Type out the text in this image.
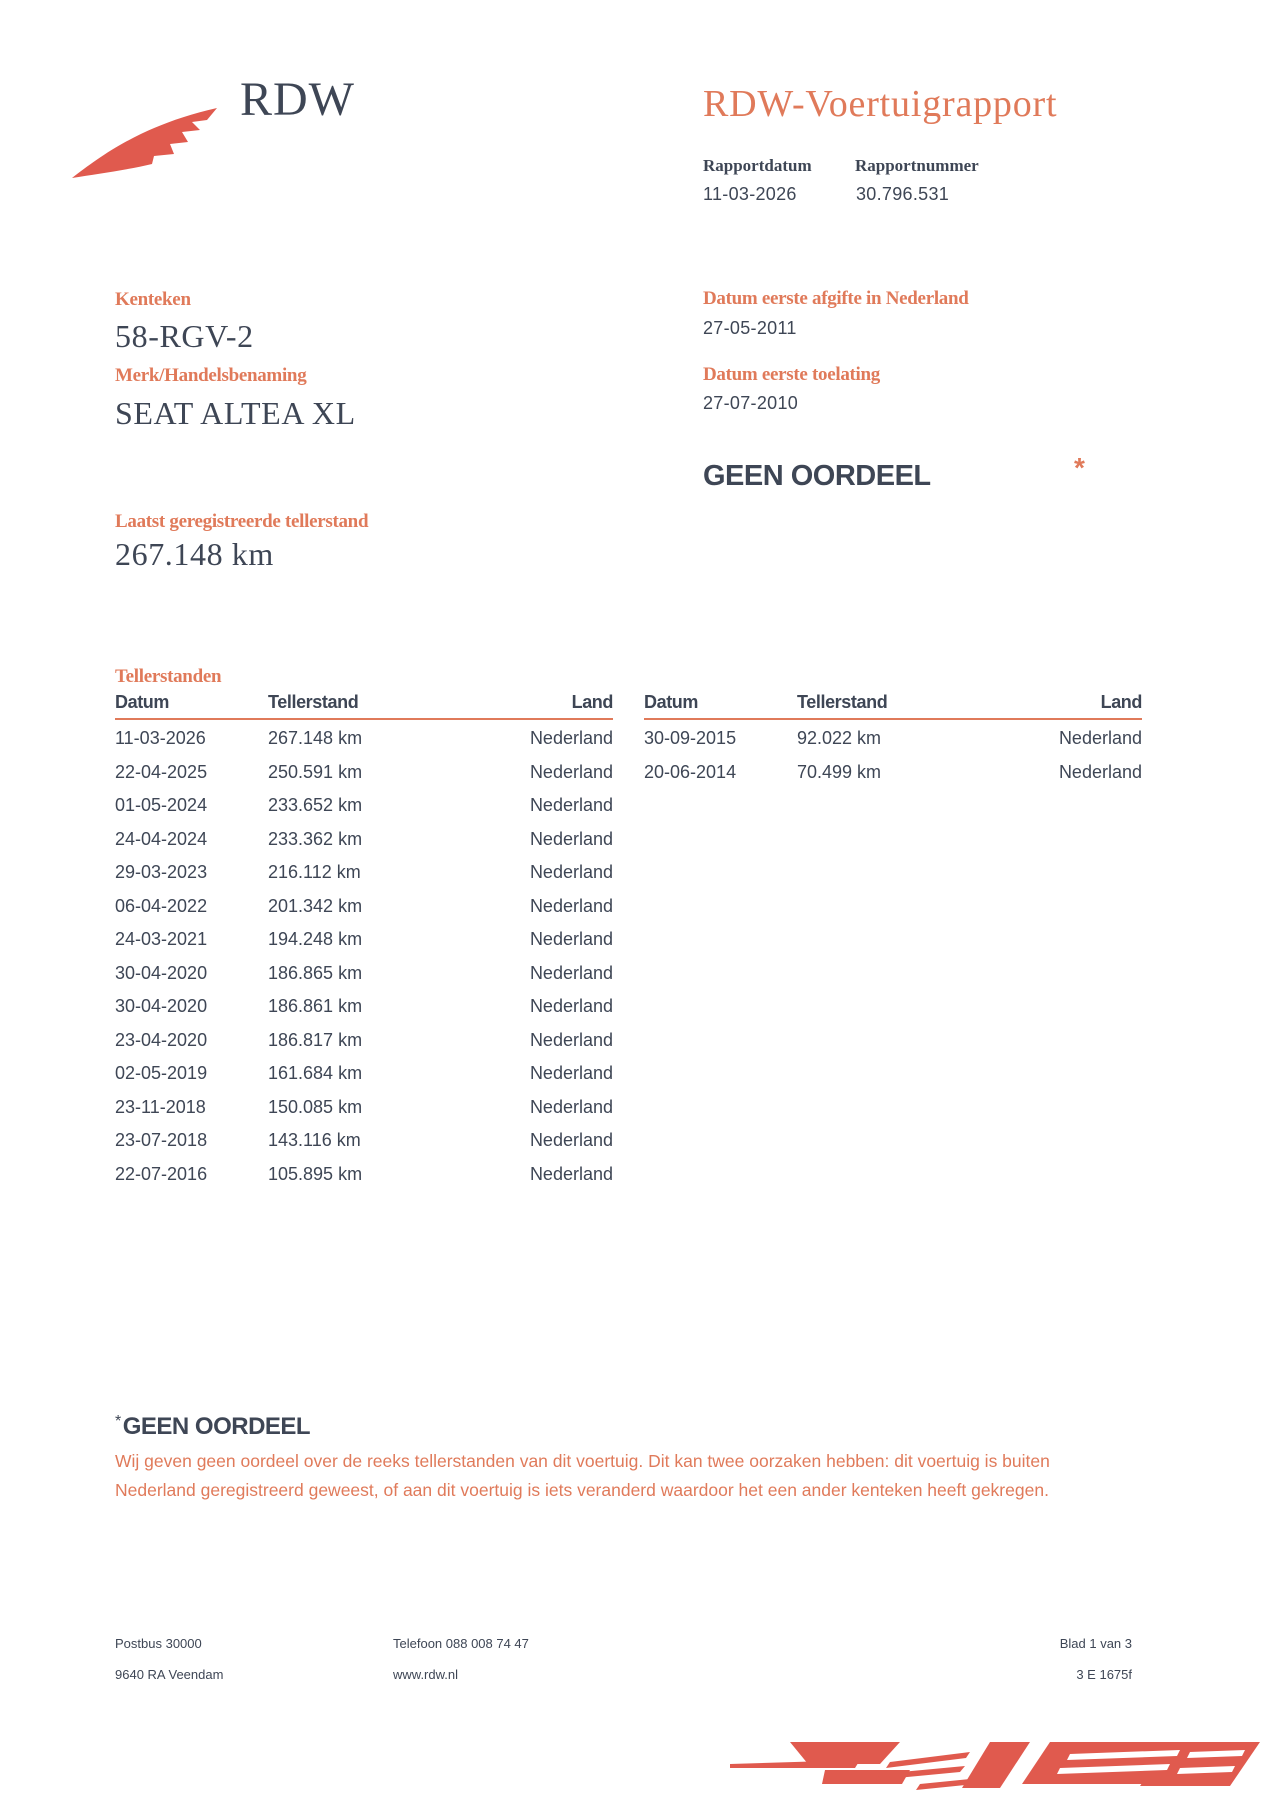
RDW	RDW-Voertuigrapport
Rapportdatum
11-03-2026
Rapportnummer
30.796.531
Kenteken
58-RGV-2
Merk/Handelsbenaming
SEAT ALTEA XL
Datum eerste afgifte in Nederland
27-05-2011
Datum eerste toelating
27-07-2010
GEEN OORDEEL	*
Laatst geregistreerde tellerstand
267.148 km
Tellerstanden
Datum	Tellerstand	Land
11-03-2026	267.148 km	Nederland
22-04-2025	250.591 km	Nederland
01-05-2024	233.652 km	Nederland
24-04-2024	233.362 km	Nederland
29-03-2023	216.112 km	Nederland
06-04-2022	201.342 km	Nederland
24-03-2021	194.248 km	Nederland
30-04-2020	186.865 km	Nederland
30-04-2020	186.861 km	Nederland
23-04-2020	186.817 km	Nederland
02-05-2019	161.684 km	Nederland
23-11-2018	150.085 km	Nederland
23-07-2018	143.116 km	Nederland
22-07-2016	105.895 km	Nederland
Datum	Tellerstand	Land
30-09-2015	92.022 km	Nederland
20-06-2014	70.499 km	Nederland
*GEEN OORDEEL
Wij geven geen oordeel over de reeks tellerstanden van dit voertuig. Dit kan twee oorzaken hebben: dit voertuig is buiten Nederland geregistreerd geweest, of aan dit voertuig is iets veranderd waardoor het een ander kenteken heeft gekregen.
Postbus 30000
9640 RA Veendam
Telefoon 088 008 74 47
www.rdw.nl
Blad 1 van 3
3 E 1675f
